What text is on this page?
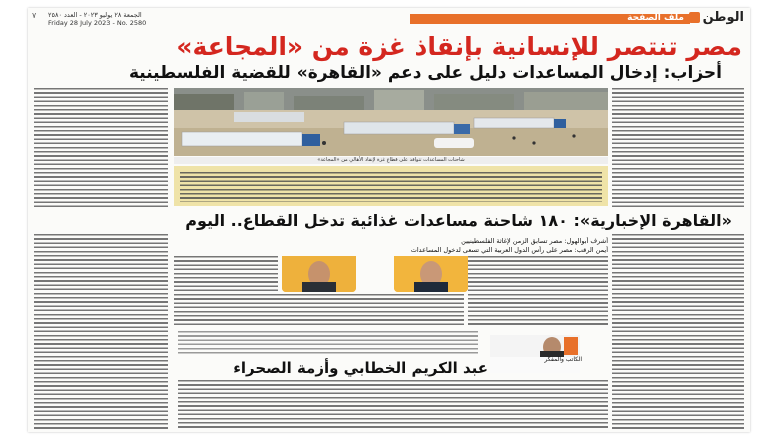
الوطن
ملف الصفحة
الجمعة ٢٨ يوليو ٢٠٢٣ - العدد ٢٥٨٠
Friday 28 July 2023 - No. 2580
٧
مصر تنتصر للإنسانية بإنقاذ غزة من «المجاعة»
أحزاب: إدخال المساعدات دليل على دعم «القاهرة» للقضية الفلسطينية
شاحنات المساعدات تتوافد على قطاع غزة لإنقاذ الأهالي من «المجاعة»
«القاهرة الإخبارية»: ١٨٠ شاحنة مساعدات غذائية تدخل القطاع.. اليوم
أشرف أبوالهول: مصر تسابق الزمن لإغاثة الفلسطينيين
أيمن الرقب: مصر على رأس الدول العربية التي تسعى لدخول المساعدات
الكاتب والمفكر
عبد الكريم الخطابي وأزمة الصحراء
